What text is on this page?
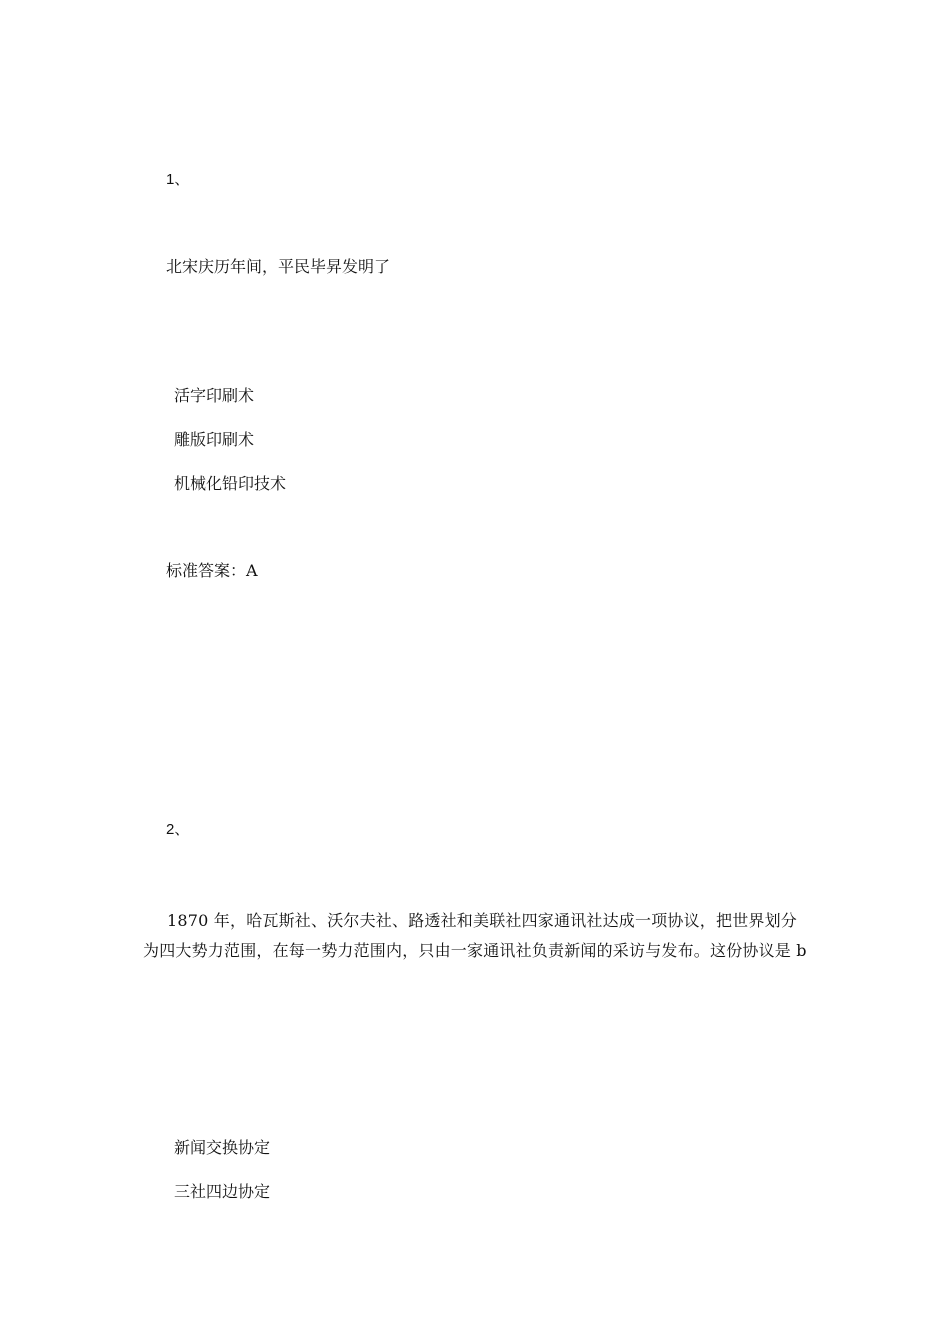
1、
北宋庆历年间，平民毕昇发明了
活字印刷术
雕版印刷术
机械化铅印技术
标准答案：A
2、
1870 年，哈瓦斯社、沃尔夫社、路透社和美联社四家通讯社达成一项协议，把世界划分为四大势力范围，在每一势力范围内，只由一家通讯社负责新闻的采访与发布。这份协议是 b
新闻交换协定
三社四边协定
